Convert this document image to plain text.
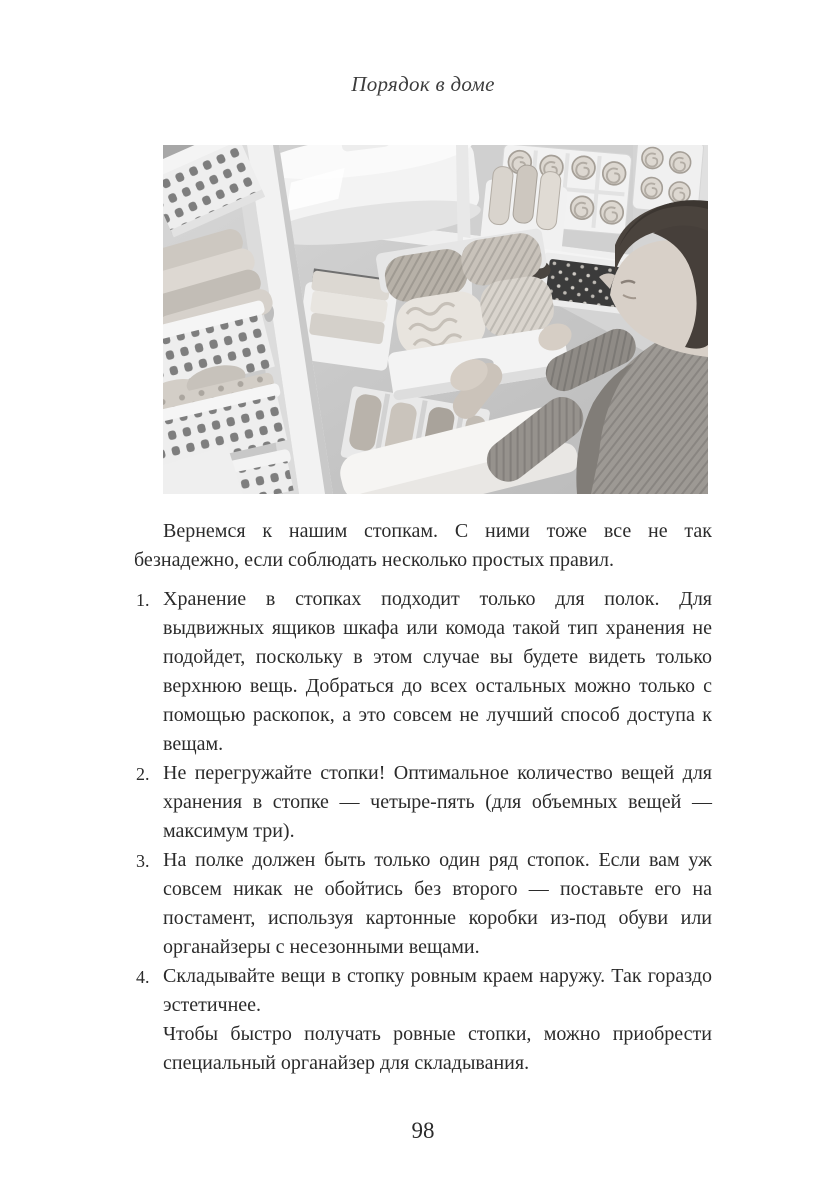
Порядок в доме

Вернемся к нашим стопкам. С ними тоже все не так безнадежно, если соблюдать несколько простых правил.

1. Хранение в стопках подходит только для полок. Для выдвижных ящиков шкафа или комода такой тип хранения не подойдет, поскольку в этом случае вы будете видеть только верхнюю вещь. Добраться до всех остальных можно только с помощью раскопок, а это совсем не лучший способ доступа к вещам.
2. Не перегружайте стопки! Оптимальное количество вещей для хранения в стопке — четыре-пять (для объемных вещей — максимум три).
3. На полке должен быть только один ряд стопок. Если вам уж совсем никак не обойтись без второго — поставьте его на постамент, используя картонные коробки из-под обуви или органайзеры с несезонными вещами.
4. Складывайте вещи в стопку ровным краем наружу. Так гораздо эстетичнее.

Чтобы быстро получать ровные стопки, можно приобрести специальный органайзер для складывания.

98
